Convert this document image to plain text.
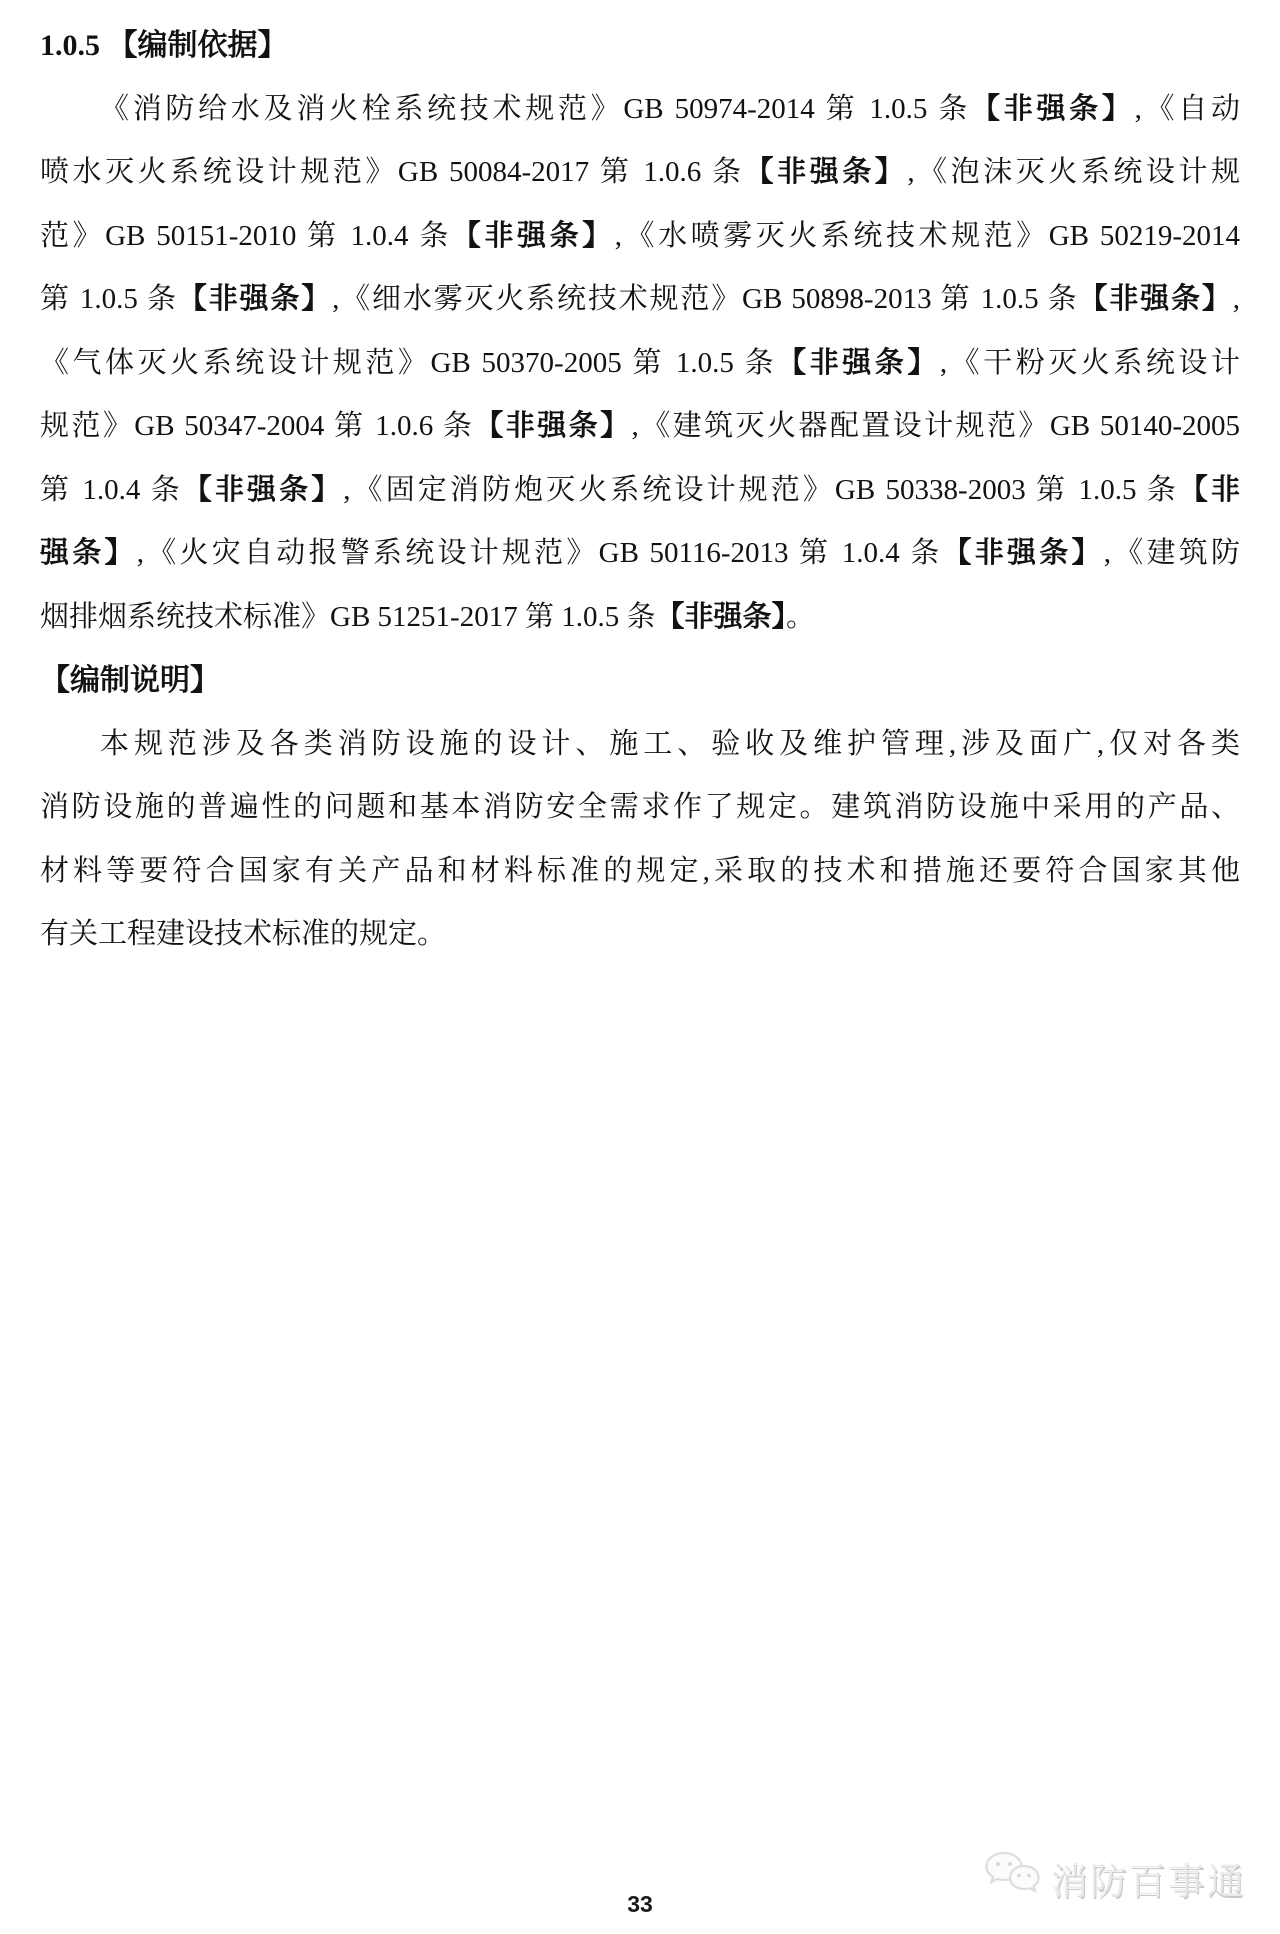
1.0.5 【编制依据】
《消防给水及消火栓系统技术规范》GB 50974-2014 第 1.0.5 条【非强条】,《自动
喷水灭火系统设计规范》GB 50084-2017 第 1.0.6 条【非强条】,《泡沫灭火系统设计规
范》GB 50151-2010 第 1.0.4 条【非强条】,《水喷雾灭火系统技术规范》GB 50219-2014
第 1.0.5 条【非强条】,《细水雾灭火系统技术规范》GB 50898-2013 第 1.0.5 条【非强条】,
《气体灭火系统设计规范》GB 50370-2005 第 1.0.5 条【非强条】,《干粉灭火系统设计
规范》GB 50347-2004 第 1.0.6 条【非强条】,《建筑灭火器配置设计规范》GB 50140-2005
第 1.0.4 条【非强条】,《固定消防炮灭火系统设计规范》GB 50338-2003 第 1.0.5 条【非
强条】,《火灾自动报警系统设计规范》GB 50116-2013 第 1.0.4 条【非强条】,《建筑防
烟排烟系统技术标准》GB 51251-2017 第 1.0.5 条【非强条】。
【编制说明】
本规范涉及各类消防设施的设计、施工、验收及维护管理,涉及面广,仅对各类
消防设施的普遍性的问题和基本消防安全需求作了规定。建筑消防设施中采用的产品、
材料等要符合国家有关产品和材料标准的规定,采取的技术和措施还要符合国家其他
有关工程建设技术标准的规定。
33
消防百事通
